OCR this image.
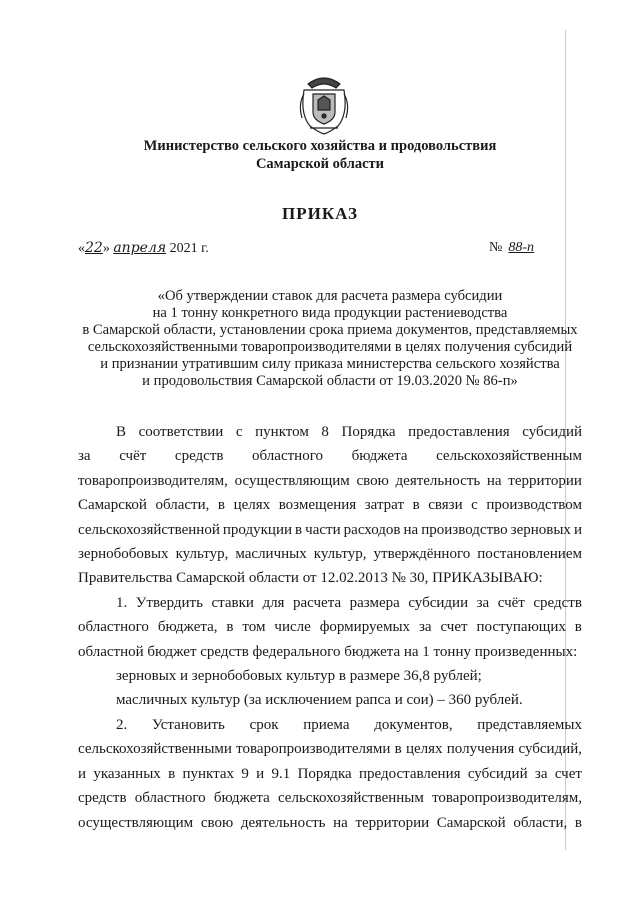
Министерство сельского хозяйства и продовольствия
Самарской области
ПРИКАЗ
«22» апреля 2021 г.	№ 88-п
«Об утверждении ставок для расчета размера субсидии
на 1 тонну конкретного вида продукции растениеводства
в Самарской области, установлении срока приема документов, представляемых
сельскохозяйственными товаропроизводителями в целях получения субсидий
и признании утратившим силу приказа министерства сельского хозяйства
и продовольствия Самарской области от 19.03.2020 № 86-п»
В соответствии с пунктом 8 Порядка предоставления субсидий
за счёт средств областного бюджета сельскохозяйственным
товаропроизводителям, осуществляющим свою деятельность на территории
Самарской области, в целях возмещения затрат в связи с производством
сельскохозяйственной продукции в части расходов на производство зерновых и
зернобобовых культур, масличных культур, утверждённого постановлением
Правительства Самарской области от 12.02.2013 № 30, ПРИКАЗЫВАЮ:
1. Утвердить ставки для расчета размера субсидии за счёт средств
областного бюджета, в том числе формируемых за счет поступающих в
областной бюджет средств федерального бюджета на 1 тонну произведенных:
зерновых и зернобобовых культур в размере 36,8 рублей;
масличных культур (за исключением рапса и сои) – 360 рублей.
2. Установить срок приема документов, представляемых
сельскохозяйственными товаропроизводителями в целях получения субсидий,
и указанных в пунктах 9 и 9.1 Порядка предоставления субсидий за счет
средств областного бюджета сельскохозяйственным товаропроизводителям,
осуществляющим свою деятельность на территории Самарской области, в
